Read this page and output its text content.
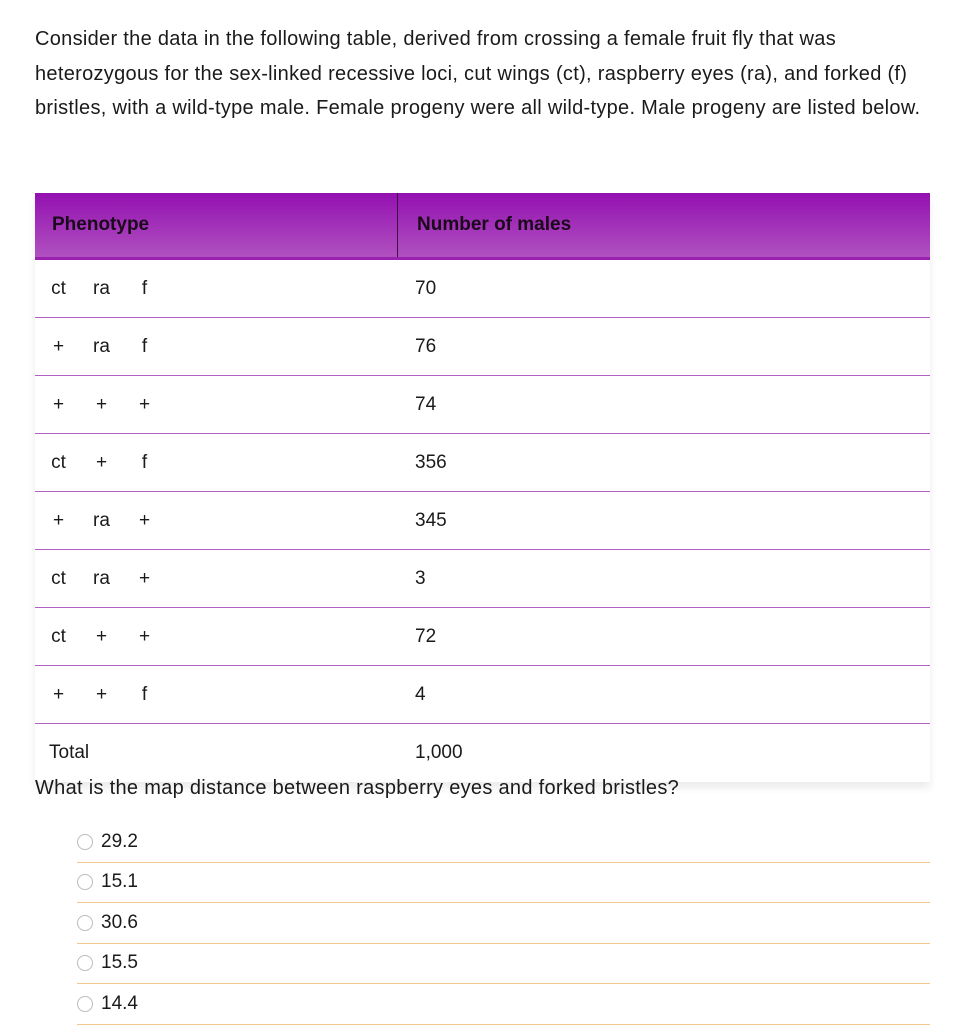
Consider the data in the following table, derived from crossing a female fruit fly that was heterozygous for the sex-linked recessive loci, cut wings (ct), raspberry eyes (ra), and forked (f) bristles, with a wild-type male. Female progeny were all wild-type. Male progeny are listed below.

Phenotype	Number of males
ct	ra	f	70
+	ra	f	76
+	+	+	74
ct	+	f	356
+	ra	+	345
ct	ra	+	3
ct	+	+	72
+	+	f	4
Total	1,000

What is the map distance between raspberry eyes and forked bristles?

29.2
15.1
30.6
15.5
14.4
